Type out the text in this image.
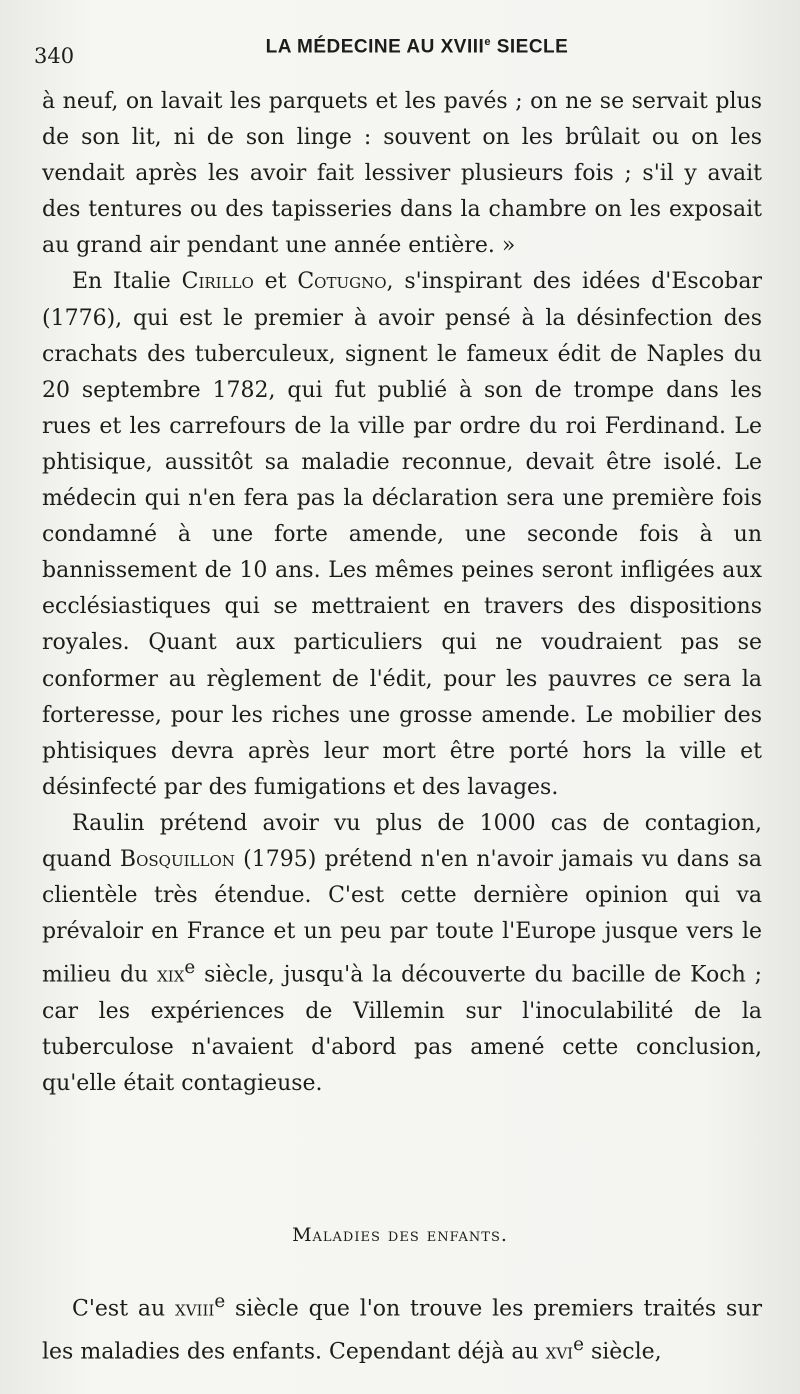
340	LA MÉDECINE AU XVIIIe SIECLE

à neuf, on lavait les parquets et les pavés ; on ne se servait plus de son lit, ni de son linge : souvent on les brûlait ou on les vendait après les avoir fait lessiver plusieurs fois ; s'il y avait des tentures ou des tapisseries dans la chambre on les exposait au grand air pendant une année entière. »

En Italie Cirillo et Cotugno, s'inspirant des idées d'Escobar (1776), qui est le premier à avoir pensé à la désinfection des crachats des tuberculeux, signent le fameux édit de Naples du 20 septembre 1782, qui fut publié à son de trompe dans les rues et les carrefours de la ville par ordre du roi Ferdinand. Le phtisique, aussitôt sa maladie reconnue, devait être isolé. Le médecin qui n'en fera pas la déclaration sera une première fois condamné à une forte amende, une seconde fois à un bannissement de 10 ans. Les mêmes peines seront infligées aux ecclésiastiques qui se mettraient en travers des dispositions royales. Quant aux particuliers qui ne voudraient pas se conformer au règlement de l'édit, pour les pauvres ce sera la forteresse, pour les riches une grosse amende. Le mobilier des phtisiques devra après leur mort être porté hors la ville et désinfecté par des fumigations et des lavages.

Raulin prétend avoir vu plus de 1000 cas de contagion, quand Bosquillon (1795) prétend n'en n'avoir jamais vu dans sa clientèle très étendue. C'est cette dernière opinion qui va prévaloir en France et un peu par toute l'Europe jusque vers le milieu du xix$^e$ siècle, jusqu'à la découverte du bacille de Koch ; car les expériences de Villemin sur l'inoculabilité de la tuberculose n'avaient d'abord pas amené cette conclusion, qu'elle était contagieuse.

Maladies des enfants.

C'est au xviii$^e$ siècle que l'on trouve les premiers traités sur les maladies des enfants. Cependant déjà au xvi$^e$ siècle,
